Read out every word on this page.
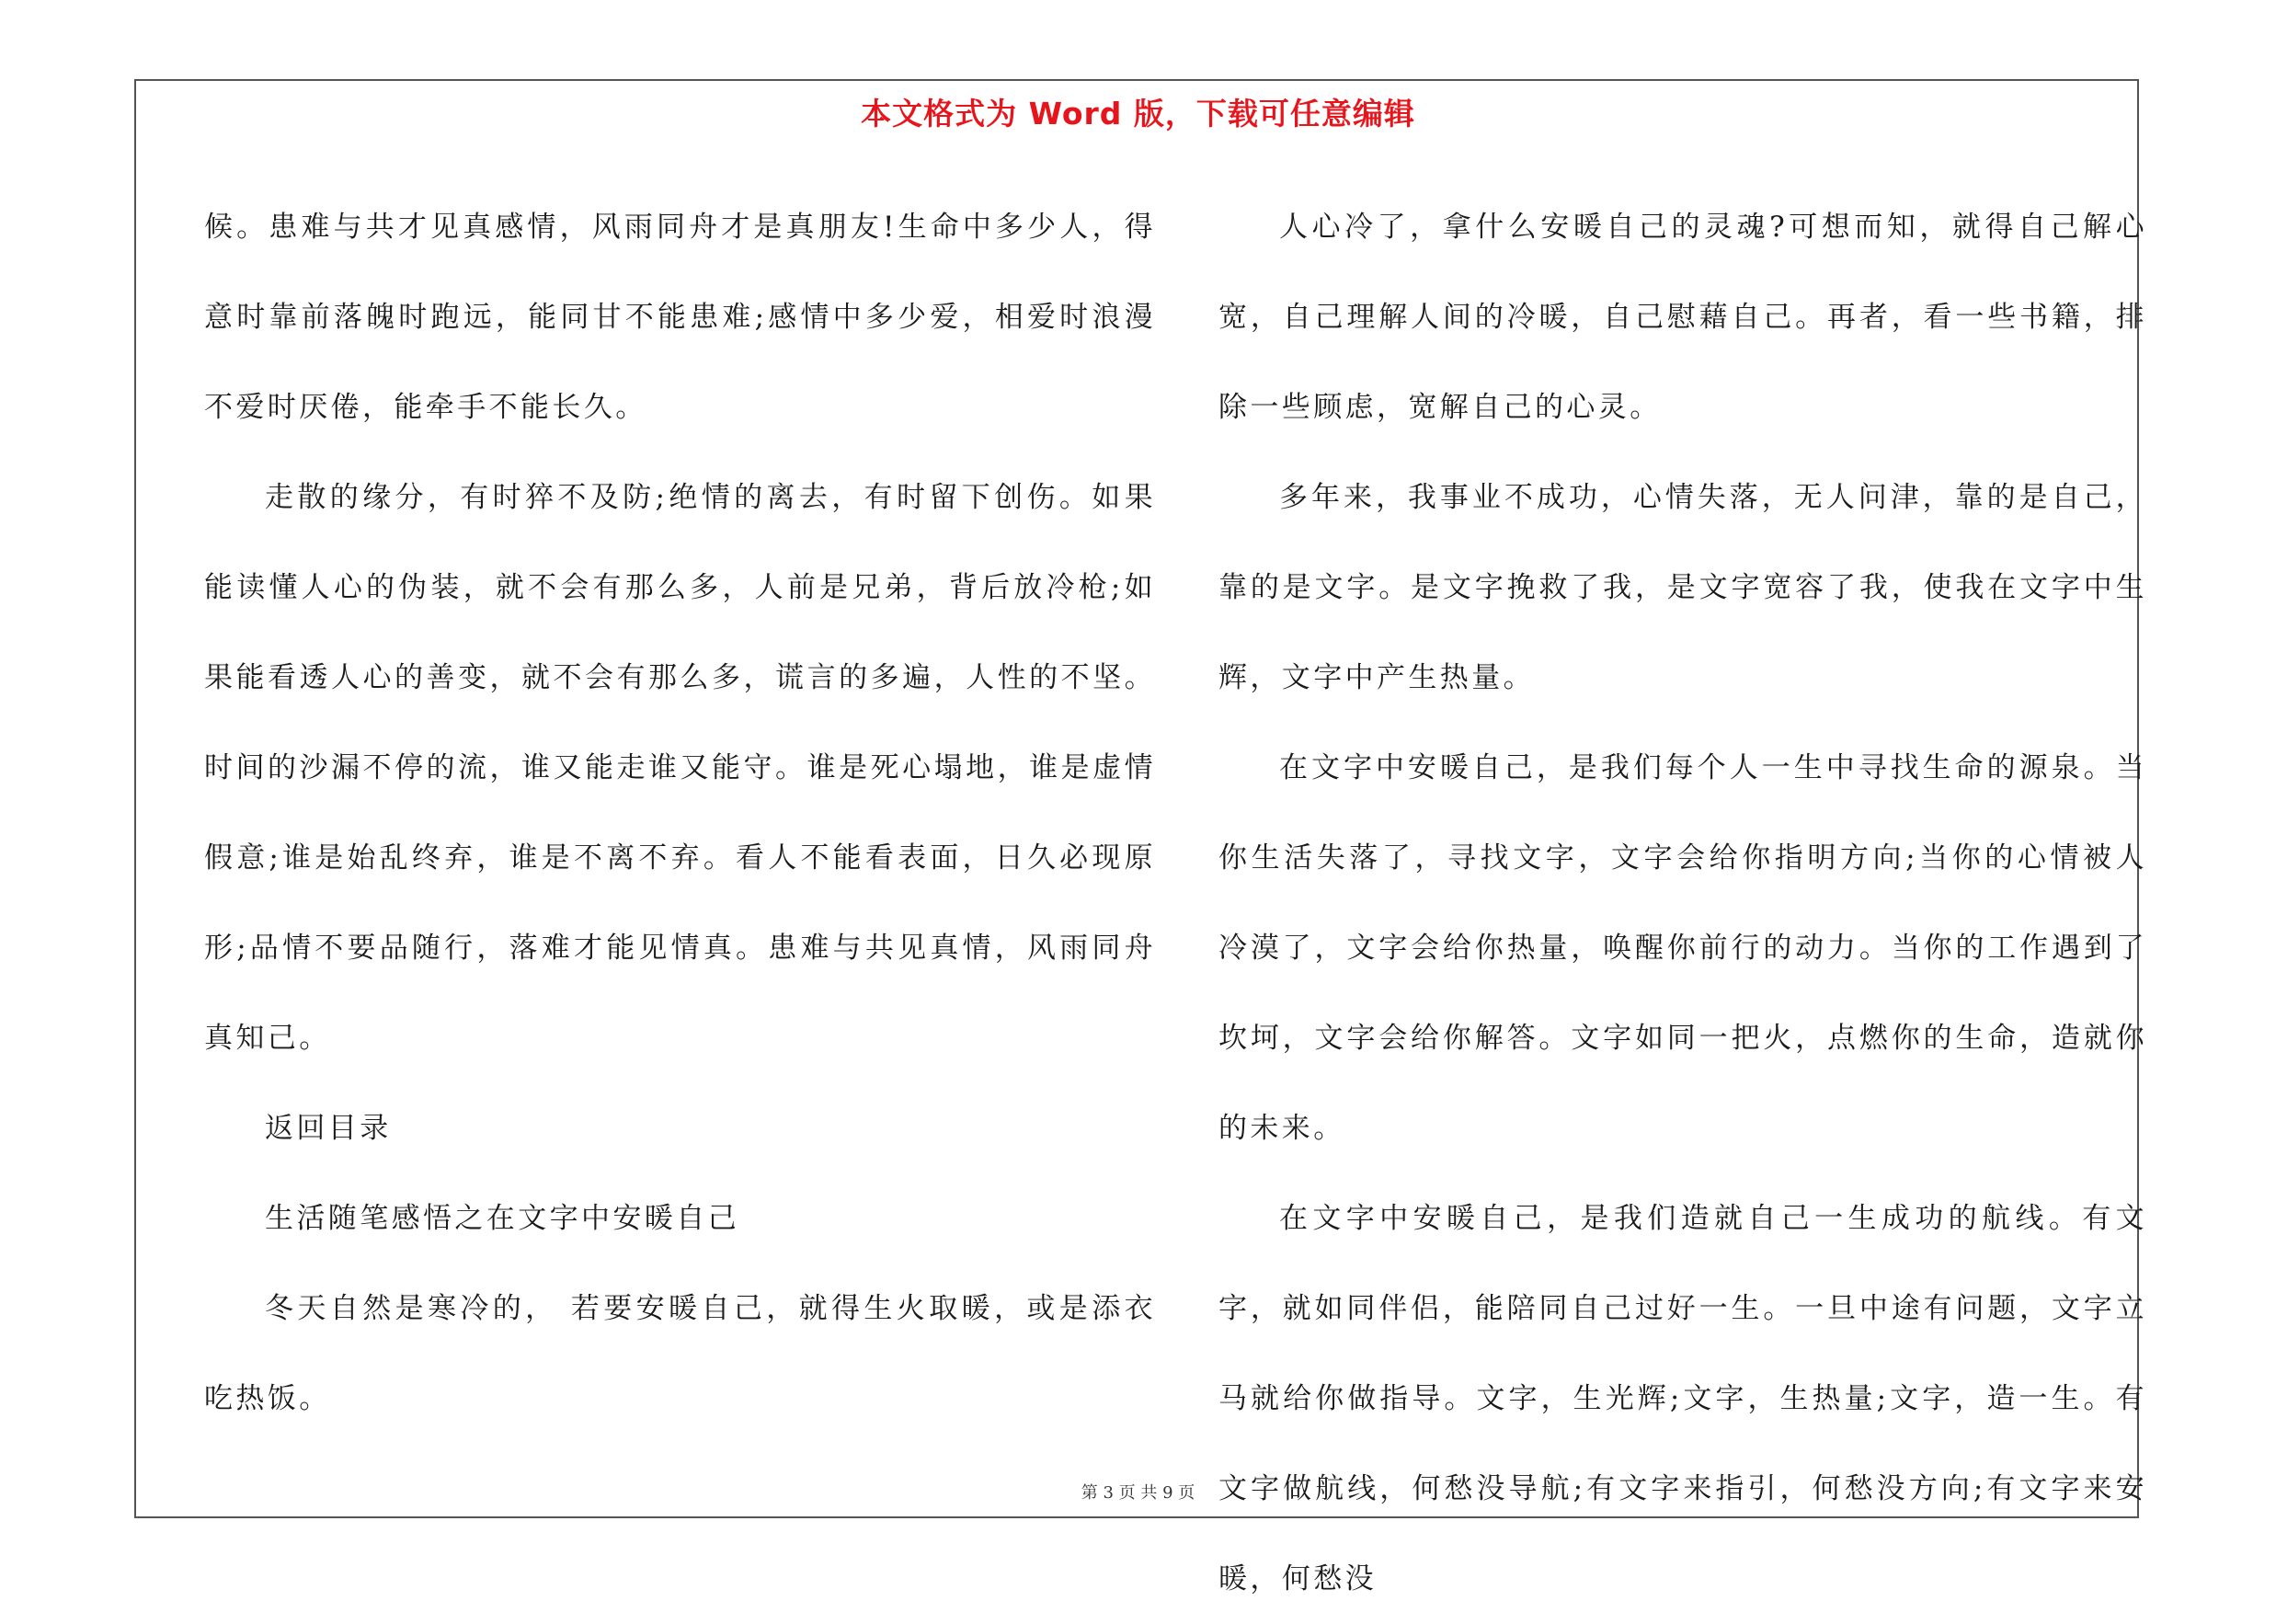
本文格式为 Word 版，下载可任意编辑

候。患难与共才见真感情，风雨同舟才是真朋友!生命中多少人，得意时靠前落魄时跑远，能同甘不能患难;感情中多少爱，相爱时浪漫不爱时厌倦，能牵手不能长久。

走散的缘分，有时猝不及防;绝情的离去，有时留下创伤。如果能读懂人心的伪装，就不会有那么多，人前是兄弟，背后放冷枪;如果能看透人心的善变，就不会有那么多，谎言的多遍，人性的不坚。时间的沙漏不停的流，谁又能走谁又能守。谁是死心塌地，谁是虚情假意;谁是始乱终弃，谁是不离不弃。看人不能看表面，日久必现原形;品情不要品随行，落难才能见情真。患难与共见真情，风雨同舟真知己。

返回目录

生活随笔感悟之在文字中安暖自己

冬天自然是寒冷的， 若要安暖自己，就得生火取暖，或是添衣吃热饭。

人心冷了，拿什么安暖自己的灵魂?可想而知，就得自己解心宽，自己理解人间的冷暖，自己慰藉自己。再者，看一些书籍，排除一些顾虑，宽解自己的心灵。

多年来，我事业不成功，心情失落，无人问津，靠的是自己，靠的是文字。是文字挽救了我，是文字宽容了我，使我在文字中生辉，文字中产生热量。

在文字中安暖自己，是我们每个人一生中寻找生命的源泉。当你生活失落了，寻找文字，文字会给你指明方向;当你的心情被人冷漠了，文字会给你热量，唤醒你前行的动力。当你的工作遇到了坎坷，文字会给你解答。文字如同一把火，点燃你的生命，造就你的未来。

在文字中安暖自己，是我们造就自己一生成功的航线。有文字，就如同伴侣，能陪同自己过好一生。一旦中途有问题，文字立马就给你做指导。文字，生光辉;文字，生热量;文字，造一生。有文字做航线，何愁没导航;有文字来指引，何愁没方向;有文字来安暖，何愁没

第 3 页 共 9 页
